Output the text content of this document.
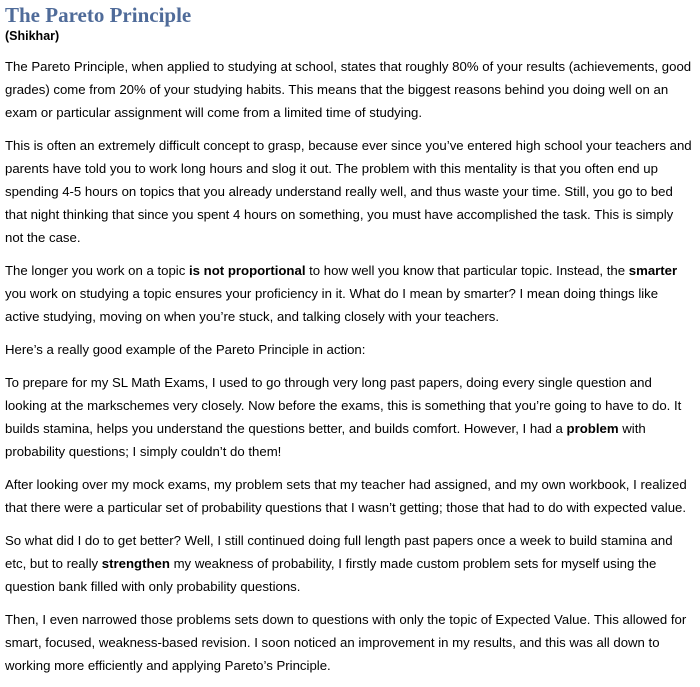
The Pareto Principle
(Shikhar)

The Pareto Principle, when applied to studying at school, states that roughly 80% of your results (achievements, good grades) come from 20% of your studying habits. This means that the biggest reasons behind you doing well on an exam or particular assignment will come from a limited time of studying.

This is often an extremely difficult concept to grasp, because ever since you’ve entered high school your teachers and parents have told you to work long hours and slog it out. The problem with this mentality is that you often end up spending 4-5 hours on topics that you already understand really well, and thus waste your time. Still, you go to bed that night thinking that since you spent 4 hours on something, you must have accomplished the task. This is simply not the case.

The longer you work on a topic is not proportional to how well you know that particular topic. Instead, the smarter you work on studying a topic ensures your proficiency in it. What do I mean by smarter? I mean doing things like active studying, moving on when you’re stuck, and talking closely with your teachers.

Here’s a really good example of the Pareto Principle in action:

To prepare for my SL Math Exams, I used to go through very long past papers, doing every single question and looking at the markschemes very closely. Now before the exams, this is something that you’re going to have to do. It builds stamina, helps you understand the questions better, and builds comfort. However, I had a problem with probability questions; I simply couldn’t do them!

After looking over my mock exams, my problem sets that my teacher had assigned, and my own workbook, I realized that there were a particular set of probability questions that I wasn’t getting; those that had to do with expected value.

So what did I do to get better? Well, I still continued doing full length past papers once a week to build stamina and etc, but to really strengthen my weakness of probability, I firstly made custom problem sets for myself using the question bank filled with only probability questions.

Then, I even narrowed those problems sets down to questions with only the topic of Expected Value. This allowed for smart, focused, weakness-based revision. I soon noticed an improvement in my results, and this was all down to working more efficiently and applying Pareto’s Principle.
